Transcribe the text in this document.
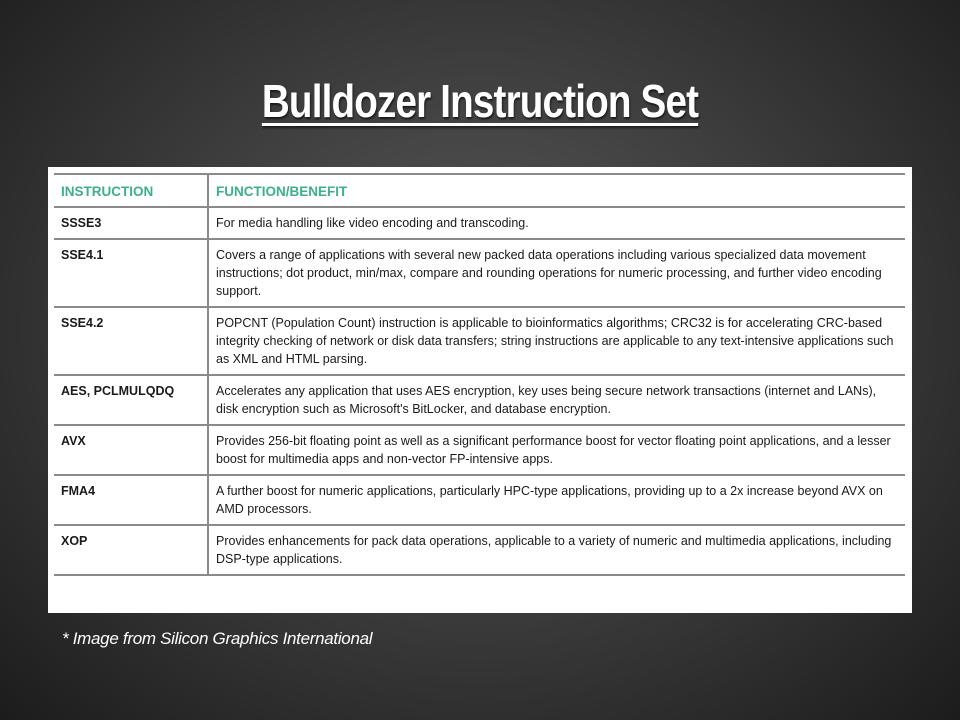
Bulldozer Instruction Set
INSTRUCTION	FUNCTION/BENEFIT
SSSE3	For media handling like video encoding and transcoding.
SSE4.1	Covers a range of applications with several new packed data operations including various specialized data movement instructions; dot product, min/max, compare and rounding operations for numeric processing, and further video encoding support.
SSE4.2	POPCNT (Population Count) instruction is applicable to bioinformatics algorithms; CRC32 is for accelerating CRC-based integrity checking of network or disk data transfers; string instructions are applicable to any text-intensive applications such as XML and HTML parsing.
AES, PCLMULQDQ	Accelerates any application that uses AES encryption, key uses being secure network transactions (internet and LANs), disk encryption such as Microsoft's BitLocker, and database encryption.
AVX	Provides 256-bit floating point as well as a significant performance boost for vector floating point applications, and a lesser boost for multimedia apps and non-vector FP-intensive apps.
FMA4	A further boost for numeric applications, particularly HPC-type applications, providing up to a 2x increase beyond AVX on AMD processors.
XOP	Provides enhancements for pack data operations, applicable to a variety of numeric and multimedia applications, including DSP-type applications.

* Image from Silicon Graphics International
